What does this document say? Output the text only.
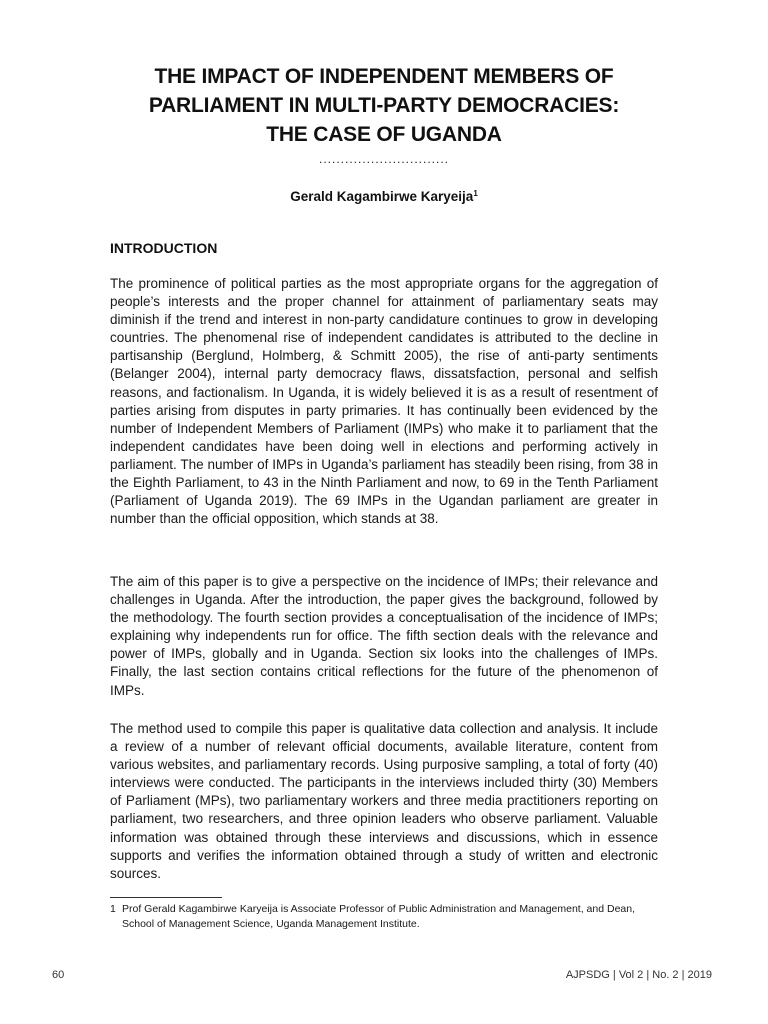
THE IMPACT OF INDEPENDENT MEMBERS OF
PARLIAMENT IN MULTI-PARTY DEMOCRACIES:
THE CASE OF UGANDA
..............................
Gerald Kagambirwe Karyeija$^1$
INTRODUCTION

The prominence of political parties as the most appropriate organs for the aggregation of people’s interests and the proper channel for attainment of parliamentary seats may diminish if the trend and interest in non-party candidature continues to grow in developing countries. The phenomenal rise of independent candidates is attributed to the decline in partisanship (Berglund, Holmberg, & Schmitt 2005), the rise of anti-party sentiments (Belanger 2004), internal party democracy flaws, dissatsfaction, personal and selfish reasons, and factionalism. In Uganda, it is widely believed it is as a result of resentment of parties arising from disputes in party primaries. It has continually been evidenced by the number of Independent Members of Parliament (IMPs) who make it to parliament that the independent candidates have been doing well in elections and performing actively in parliament. The number of IMPs in Uganda’s parliament has steadily been rising, from 38 in the Eighth Parliament, to 43 in the Ninth Parliament and now, to 69 in the Tenth Parliament (Parliament of Uganda 2019). The 69 IMPs in the Ugandan parliament are greater in number than the official opposition, which stands at 38.

The aim of this paper is to give a perspective on the incidence of IMPs; their relevance and challenges in Uganda. After the introduction, the paper gives the background, followed by the methodology. The fourth section provides a conceptualisation of the incidence of IMPs; explaining why independents run for office. The fifth section deals with the relevance and power of IMPs, globally and in Uganda. Section six looks into the challenges of IMPs. Finally, the last section contains critical reflections for the future of the phenomenon of IMPs.

The method used to compile this paper is qualitative data collection and analysis. It include a review of a number of relevant official documents, available literature, content from various websites, and parliamentary records. Using purposive sampling, a total of forty (40) interviews were conducted. The participants in the interviews included thirty (30) Members of Parliament (MPs), two parliamentary workers and three media practitioners reporting on parliament, two researchers, and three opinion leaders who observe parliament. Valuable information was obtained through these interviews and discussions, which in essence supports and verifies the information obtained through a study of written and electronic sources.

1 Prof Gerald Kagambirwe Karyeija is Associate Professor of Public Administration and Management, and Dean, School of Management Science, Uganda Management Institute.
60	AJPSDG | Vol 2 | No. 2 | 2019
